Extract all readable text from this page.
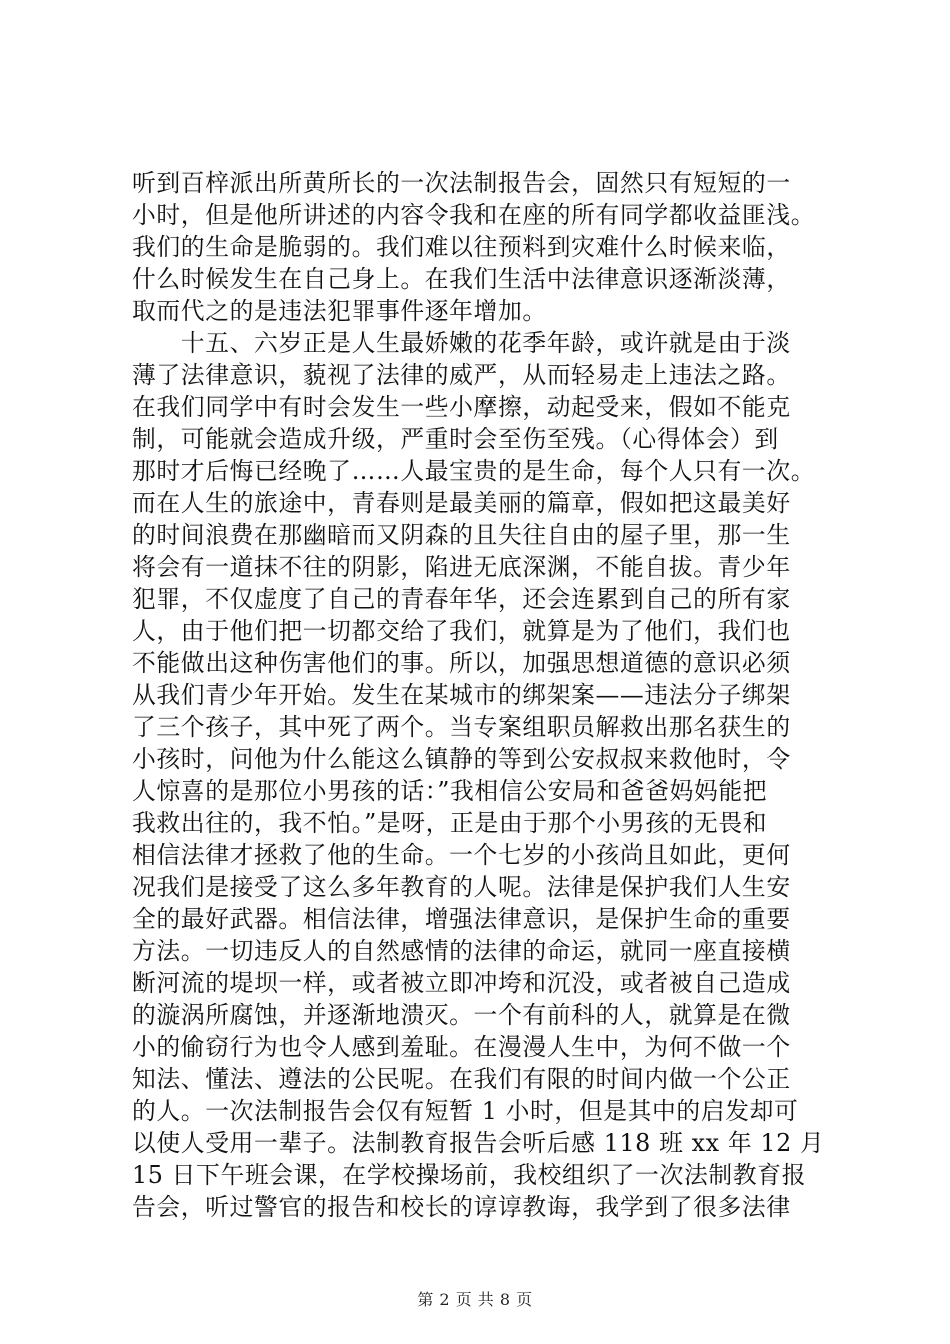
听到百梓派出所黄所长的一次法制报告会，固然只有短短的一
小时，但是他所讲述的内容令我和在座的所有同学都收益匪浅。
我们的生命是脆弱的。我们难以往预料到灾难什么时候来临，
什么时候发生在自己身上。在我们生活中法律意识逐渐淡薄，
取而代之的是违法犯罪事件逐年增加。
　　十五、六岁正是人生最娇嫩的花季年龄，或许就是由于淡
薄了法律意识，藐视了法律的威严，从而轻易走上违法之路。
在我们同学中有时会发生一些小摩擦，动起受来，假如不能克
制，可能就会造成升级，严重时会至伤至残。（心得体会）到
那时才后悔已经晚了……人最宝贵的是生命，每个人只有一次。
而在人生的旅途中，青春则是最美丽的篇章，假如把这最美好
的时间浪费在那幽暗而又阴森的且失往自由的屋子里，那一生
将会有一道抹不往的阴影，陷进无底深渊，不能自拔。青少年
犯罪，不仅虚度了自己的青春年华，还会连累到自己的所有家
人，由于他们把一切都交给了我们，就算是为了他们，我们也
不能做出这种伤害他们的事。所以，加强思想道德的意识必须
从我们青少年开始。发生在某城市的绑架案——违法分子绑架
了三个孩子，其中死了两个。当专案组职员解救出那名获生的
小孩时，问他为什么能这么镇静的等到公安叔叔来救他时，令
人惊喜的是那位小男孩的话：”我相信公安局和爸爸妈妈能把
我救出往的，我不怕。”是呀，正是由于那个小男孩的无畏和
相信法律才拯救了他的生命。一个七岁的小孩尚且如此，更何
况我们是接受了这么多年教育的人呢。法律是保护我们人生安
全的最好武器。相信法律，增强法律意识，是保护生命的重要
方法。一切违反人的自然感情的法律的命运，就同一座直接横
断河流的堤坝一样，或者被立即冲垮和沉没，或者被自己造成
的漩涡所腐蚀，并逐渐地溃灭。一个有前科的人，就算是在微
小的偷窃行为也令人感到羞耻。在漫漫人生中，为何不做一个
知法、懂法、遵法的公民呢。在我们有限的时间内做一个公正
的人。一次法制报告会仅有短暂 1 小时，但是其中的启发却可
以使人受用一辈子。法制教育报告会听后感 118 班 xx 年 12 月
15 日下午班会课，在学校操场前，我校组织了一次法制教育报
告会，听过警官的报告和校长的谆谆教诲，我学到了很多法律
第 2 页 共 8 页
